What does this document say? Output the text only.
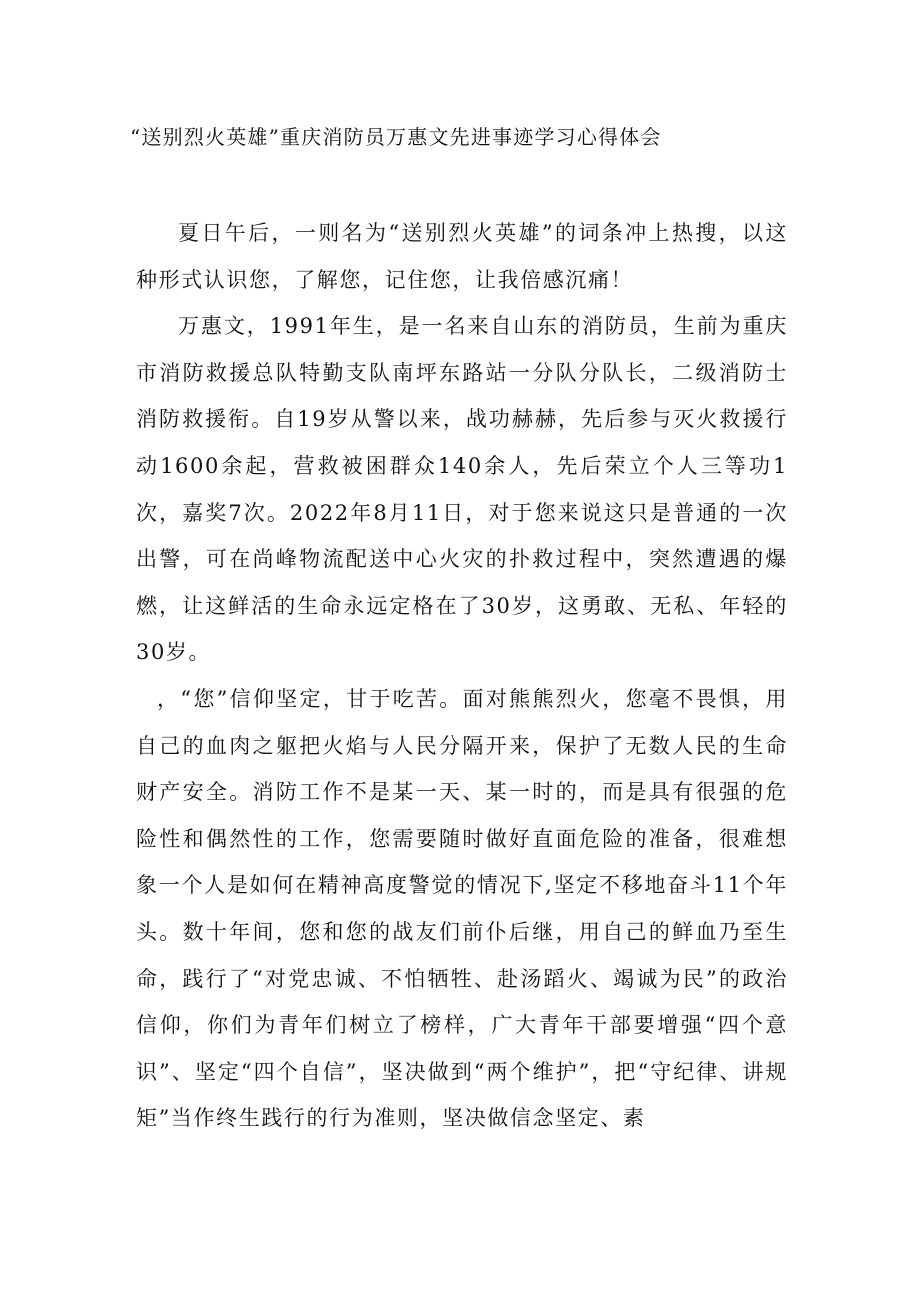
“送别烈火英雄”重庆消防员万惠文先进事迹学习心得体会

夏日午后，一则名为“送别烈火英雄”的词条冲上热搜，以这种形式认识您，了解您，记住您，让我倍感沉痛！

万惠文，1991年生，是一名来自山东的消防员，生前为重庆市消防救援总队特勤支队南坪东路站一分队分队长，二级消防士消防救援衔。自19岁从警以来，战功赫赫，先后参与灭火救援行动1600余起，营救被困群众140余人，先后荣立个人三等功1次，嘉奖7次。2022年8月11日，对于您来说这只是普通的一次出警，可在尚峰物流配送中心火灾的扑救过程中，突然遭遇的爆燃，让这鲜活的生命永远定格在了30岁，这勇敢、无私、年轻的30岁。

，“您”信仰坚定，甘于吃苦。面对熊熊烈火，您毫不畏惧，用自己的血肉之躯把火焰与人民分隔开来，保护了无数人民的生命财产安全。消防工作不是某一天、某一时的，而是具有很强的危险性和偶然性的工作，您需要随时做好直面危险的准备，很难想象一个人是如何在精神高度警觉的情况下,坚定不移地奋斗11个年头。数十年间，您和您的战友们前仆后继，用自己的鲜血乃至生命，践行了“对党忠诚、不怕牺牲、赴汤蹈火、竭诚为民”的政治信仰，你们为青年们树立了榜样，广大青年干部要增强“四个意识”、坚定“四个自信”，坚决做到“两个维护”，把“守纪律、讲规矩”当作终生践行的行为准则，坚决做信念坚定、素
